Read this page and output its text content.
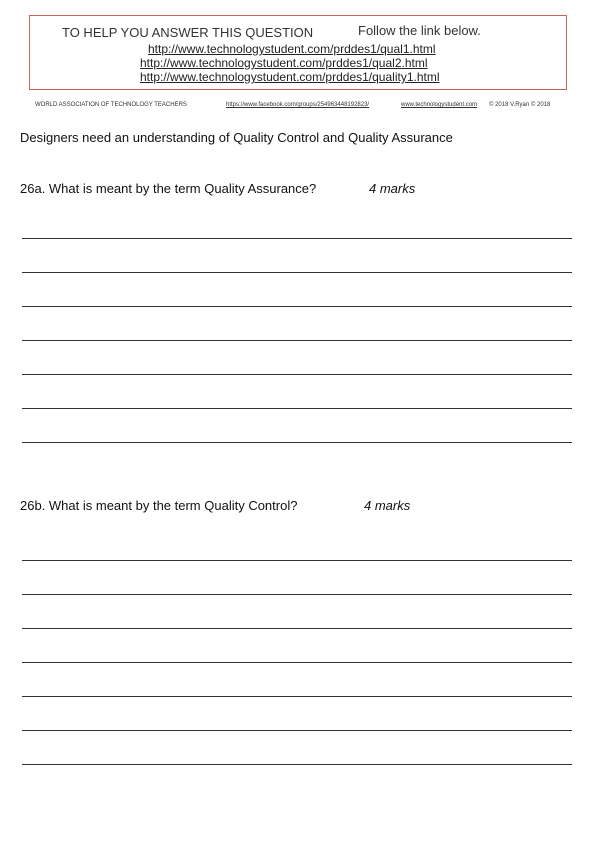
TO HELP YOU ANSWER THIS QUESTION	Follow the link below.
http://www.technologystudent.com/prddes1/qual1.html
http://www.technologystudent.com/prddes1/qual2.html
http://www.technologystudent.com/prddes1/quality1.html
WORLD ASSOCIATION OF TECHNOLOGY TEACHERS	https://www.facebook.com/groups/254963448192823/	www.technologystudent.com © 2018 V.Ryan © 2018
Designers need an understanding of Quality Control and Quality Assurance
26a. What is meant by the term Quality Assurance?	4 marks
26b. What is meant by the term Quality Control?	4 marks
